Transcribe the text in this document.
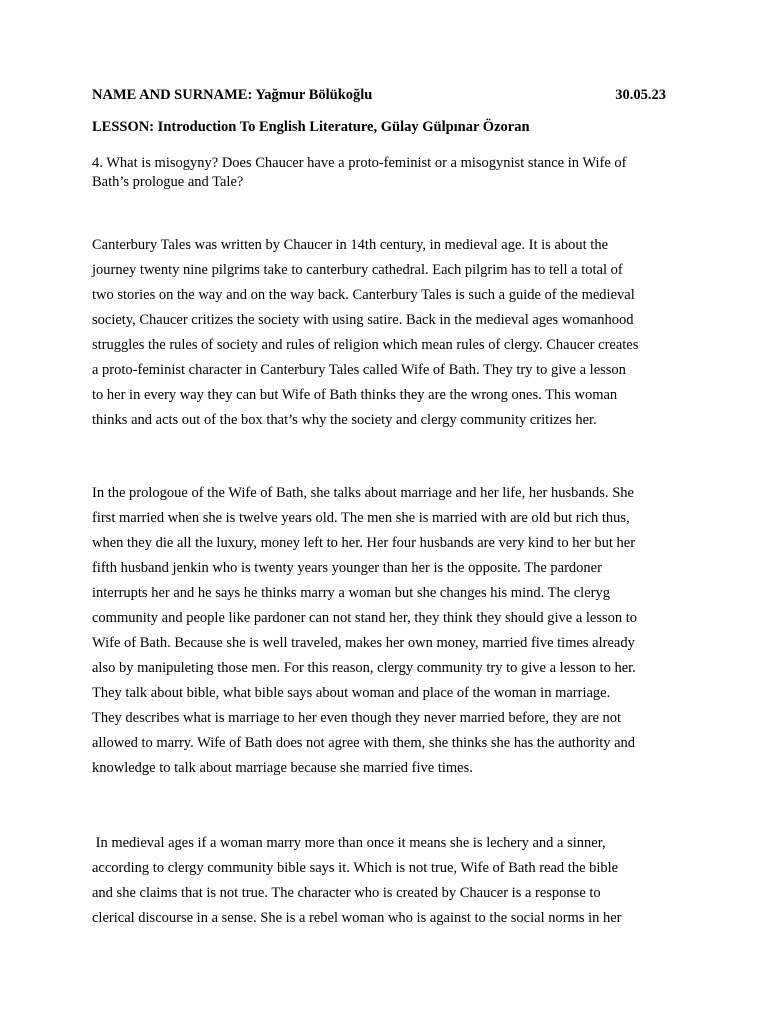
NAME AND SURNAME: Yağmur Bölükoğlu	30.05.23
LESSON: Introduction To English Literature, Gülay Gülpınar Özoran
4. What is misogyny? Does Chaucer have a proto-feminist or a misogynist stance in Wife of
Bath’s prologue and Tale?
Canterbury Tales was written by Chaucer in 14th century, in medieval age. It is about the
journey twenty nine pilgrims take to canterbury cathedral. Each pilgrim has to tell a total of
two stories on the way and on the way back. Canterbury Tales is such a guide of the medieval
society, Chaucer critizes the society with using satire. Back in the medieval ages womanhood
struggles the rules of society and rules of religion which mean rules of clergy. Chaucer creates
a proto-feminist character in Canterbury Tales called Wife of Bath. They try to give a lesson
to her in every way they can but Wife of Bath thinks they are the wrong ones. This woman
thinks and acts out of the box that’s why the society and clergy community critizes her.
In the prologoue of the Wife of Bath, she talks about marriage and her life, her husbands. She
first married when she is twelve years old. The men she is married with are old but rich thus,
when they die all the luxury, money left to her. Her four husbands are very kind to her but her
fifth husband jenkin who is twenty years younger than her is the opposite. The pardoner
interrupts her and he says he thinks marry a woman but she changes his mind. The cleryg
community and people like pardoner can not stand her, they think they should give a lesson to
Wife of Bath. Because she is well traveled, makes her own money, married five times already
also by manipuleting those men. For this reason, clergy community try to give a lesson to her.
They talk about bible, what bible says about woman and place of the woman in marriage.
They describes what is marriage to her even though they never married before, they are not
allowed to marry. Wife of Bath does not agree with them, she thinks she has the authority and
knowledge to talk about marriage because she married five times.
In medieval ages if a woman marry more than once it means she is lechery and a sinner,
according to clergy community bible says it. Which is not true, Wife of Bath read the bible
and she claims that is not true. The character who is created by Chaucer is a response to
clerical discourse in a sense. She is a rebel woman who is against to the social norms in her
